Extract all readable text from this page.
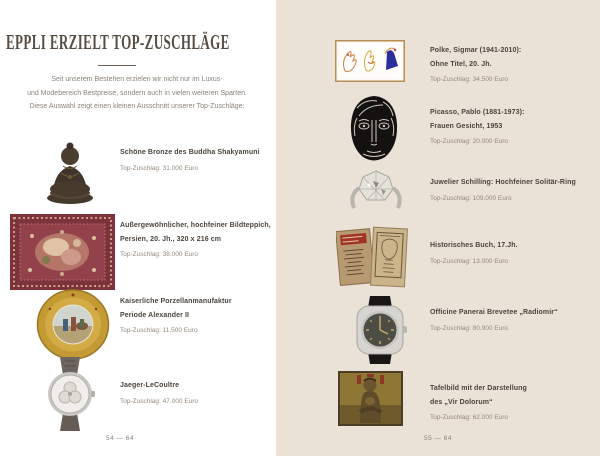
EPPLI ERZIELT TOP-ZUSCHLÄGE
Seit unserem Bestehen erzielen wir nicht nur im Luxus-
und Modebereich Bestpreise, sondern auch in vielen weiteren Sparten.
Diese Auswahl zeigt einen kleinen Ausschnitt unserer Top-Zuschläge:
Schöne Bronze des Buddha Shakyamuni
Top-Zuschlag: 31.000 Euro
Außergewöhnlicher, hochfeiner Bildteppich,
Persien, 20. Jh., 320 x 216 cm
Top-Zuschlag: 38.000 Euro
Kaiserliche Porzellanmanufaktur
Periode Alexander II
Top-Zuschlag: 11.500 Euro
Jaeger-LeCoultre
Top-Zuschlag: 47.000 Euro
54 — 64
Polke, Sigmar (1941-2010):
Ohne Titel, 20. Jh.
Top-Zuschlag: 34.500 Euro
Picasso, Pablo (1881-1973):
Frauen Gesicht, 1953
Top-Zuschlag: 20.000 Euro
Juwelier Schilling: Hochfeiner Solitär-Ring
Top-Zuschlag: 109.000 Euro
Historisches Buch, 17.Jh.
Top-Zuschlag: 13.000 Euro
Officine Panerai Brevetee „Radiomir“
Top-Zuschlag: 80.900 Euro
Tafelbild mit der Darstellung
des „Vir Dolorum“
Top-Zuschlag: 62.000 Euro
55 — 64
